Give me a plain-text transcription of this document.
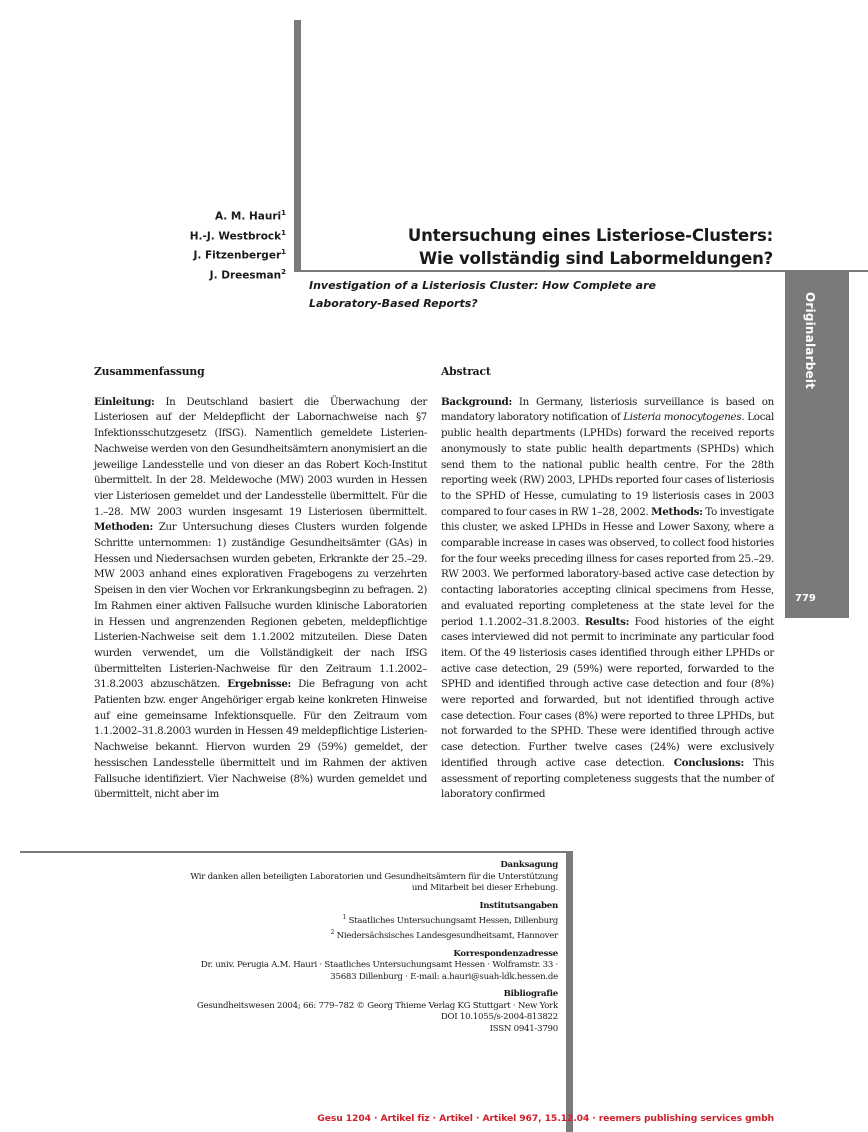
Originalarbeit
779
A. M. Hauri$^1$
H.-J. Westbrock$^1$
J. Fitzenberger$^1$
J. Dreesman$^2$
Untersuchung eines Listeriose-Clusters:
Wie vollständig sind Labormeldungen?
Investigation of a Listeriosis Cluster: How Complete are
Laboratory-Based Reports?
Zusammenfassung

Einleitung: In Deutschland basiert die Überwachung der Listeriosen auf der Meldepflicht der Labornachweise nach §7 Infektionsschutzgesetz (IfSG). Namentlich gemeldete Listerien-Nachweise werden von den Gesundheitsämtern anonymisiert an die jeweilige Landesstelle und von dieser an das Robert Koch-Institut übermittelt. In der 28. Meldewoche (MW) 2003 wurden in Hessen vier Listeriosen gemeldet und der Landesstelle übermittelt. Für die 1.–28. MW 2003 wurden insgesamt 19 Listeriosen übermittelt. Methoden: Zur Untersuchung dieses Clusters wurden folgende Schritte unternommen: 1) zuständige Gesundheitsämter (GAs) in Hessen und Niedersachsen wurden gebeten, Erkrankte der 25.–29. MW 2003 anhand eines explorativen Fragebogens zu verzehrten Speisen in den vier Wochen vor Erkrankungsbeginn zu befragen. 2) Im Rahmen einer aktiven Fallsuche wurden klinische Laboratorien in Hessen und angrenzenden Regionen gebeten, meldepflichtige Listerien-Nachweise seit dem 1.1.2002 mitzuteilen. Diese Daten wurden verwendet, um die Vollständigkeit der nach IfSG übermittelten Listerien-Nachweise für den Zeitraum 1.1.2002–31.8.2003 abzuschätzen. Ergebnisse: Die Befragung von acht Patienten bzw. enger Angehöriger ergab keine konkreten Hinweise auf eine gemeinsame Infektionsquelle. Für den Zeitraum vom 1.1.2002–31.8.2003 wurden in Hessen 49 meldepflichtige Listerien-Nachweise bekannt. Hiervon wurden 29 (59%) gemeldet, der hessischen Landesstelle übermittelt und im Rahmen der aktiven Fallsuche identifiziert. Vier Nachweise (8%) wurden gemeldet und übermittelt, nicht aber im

Abstract

Background: In Germany, listeriosis surveillance is based on mandatory laboratory notification of Listeria monocytogenes. Local public health departments (LPHDs) forward the received reports anonymously to state public health departments (SPHDs) which send them to the national public health centre. For the 28th reporting week (RW) 2003, LPHDs reported four cases of listeriosis to the SPHD of Hesse, cumulating to 19 listeriosis cases in 2003 compared to four cases in RW 1–28, 2002. Methods: To investigate this cluster, we asked LPHDs in Hesse and Lower Saxony, where a comparable increase in cases was observed, to collect food histories for the four weeks preceding illness for cases reported from 25.–29. RW 2003. We performed laboratory-based active case detection by contacting laboratories accepting clinical specimens from Hesse, and evaluated reporting completeness at the state level for the period 1.1.2002–31.8.2003. Results: Food histories of the eight cases interviewed did not permit to incriminate any particular food item. Of the 49 listeriosis cases identified through either LPHDs or active case detection, 29 (59%) were reported, forwarded to the SPHD and identified through active case detection and four (8%) were reported and forwarded, but not identified through active case detection. Four cases (8%) were reported to three LPHDs, but not forwarded to the SPHD. These were identified through active case detection. Further twelve cases (24%) were exclusively identified through active case detection. Conclusions: This assessment of reporting completeness suggests that the number of laboratory confirmed

Danksagung
Wir danken allen beteiligten Laboratorien und Gesundheitsämtern für die Unterstützung
und Mitarbeit bei dieser Erhebung.
Institutsangaben
$^1$ Staatliches Untersuchungsamt Hessen, Dillenburg
$^2$ Niedersächsisches Landesgesundheitsamt, Hannover
Korrespondenzadresse
Dr. univ. Perugia A.M. Hauri · Staatliches Untersuchungsamt Hessen · Wolframstr. 33 ·
35683 Dillenburg · E-mail: a.hauri@suah-ldk.hessen.de
Bibliografie
Gesundheitswesen 2004; 66: 779–782 © Georg Thieme Verlag KG Stuttgart · New York
DOI 10.1055/s-2004-813822
ISSN 0941-3790
Gesu 1204 · Artikel fiz · Artikel · Artikel 967, 15.12.04 · reemers publishing services gmbh
